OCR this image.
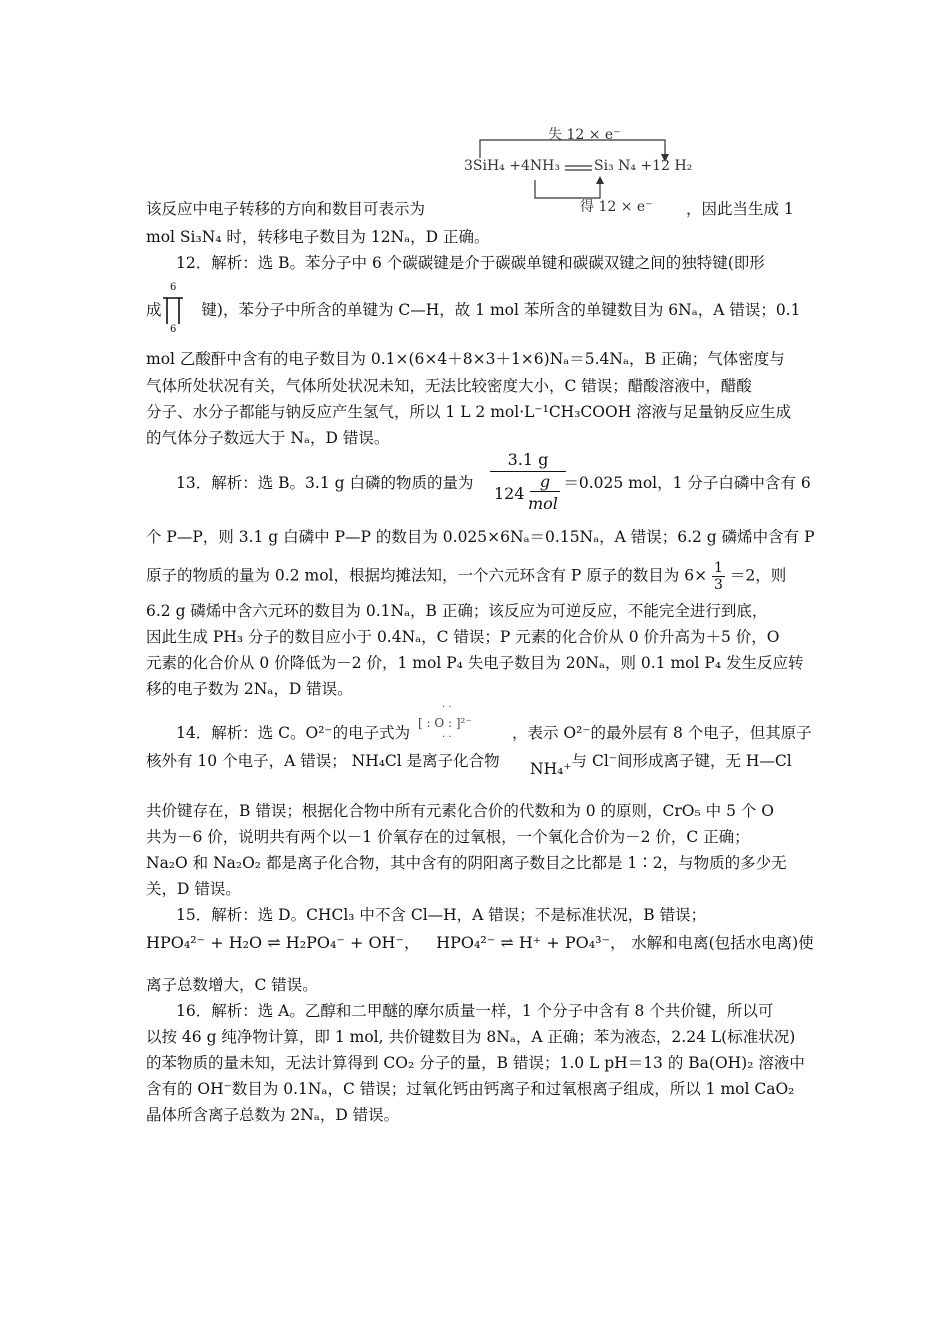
失 12 × e⁻
3SiH₄ +4NH₃ Si₃ N₄ +12 H₂
得 12 × e⁻
该反应中电子转移的方向和数目可表示为	，因此当生成 1
mol Si₃N₄ 时，转移电子数目为 12Nₐ，D 正确。
12．解析：选 B。苯分子中 6 个碳碳键是介于碳碳单键和碳碳双键之间的独特键(即形
成	键)，苯分子中所含的单键为 C—H，故 1 mol 苯所含的单键数目为 6Nₐ，A 错误；0.1
6
6
mol 乙酸酐中含有的电子数目为 0.1×(6×4＋8×3＋1×6)Nₐ＝5.4Nₐ，B 正确；气体密度与
气体所处状况有关，气体所处状况未知，无法比较密度大小，C 错误；醋酸溶液中，醋酸
分子、水分子都能与钠反应产生氢气，所以 1 L 2 mol·L⁻¹CH₃COOH 溶液与足量钠反应生成
的气体分子数远大于 Nₐ，D 错误。
13．解析：选 B。3.1 g 白磷的物质的量为	＝0.025 mol，1 分子白磷中含有 6
3.1 g
124
g
mol
个 P—P，则 3.1 g 白磷中 P—P 的数目为 0.025×6Nₐ＝0.15Nₐ，A 错误；6.2 g 磷烯中含有 P
原子的物质的量为 0.2 mol，根据均摊法知，一个六元环含有 P 原子的数目为 $6\times \frac{1}{3} =2$，则
6.2 g 磷烯中含六元环的数目为 0.1Nₐ，B 正确；该反应为可逆反应，不能完全进行到底，
因此生成 PH₃ 分子的数目应小于 0.4Nₐ，C 错误；P 元素的化合价从 0 价升高为＋5 价，O
元素的化合价从 0 价降低为－2 价，1 mol P₄ 失电子数目为 20Nₐ，则 0.1 mol P₄ 发生反应转
移的电子数为 2Nₐ，D 错误。
14．解析：选 C。O²⁻的电子式为	，表示 O²⁻的最外层有 8 个电子，但其原子
· ·
[ : O : ]²⁻
· ·
核外有 10 个电子，A 错误； NH₄Cl 是离子化合物	与 Cl⁻间形成离子键，无 H—Cl
NH₄⁺
共价键存在，B 错误；根据化合物中所有元素化合价的代数和为 0 的原则，CrO₅ 中 5 个 O
共为－6 价，说明共有两个以－1 价氧存在的过氧根，一个氧化合价为－2 价，C 正确；
Na₂O 和 Na₂O₂ 都是离子化合物，其中含有的阴阳离子数目之比都是 1∶2，与物质的多少无
关，D 错误。
15．解析：选 D。CHCl₃ 中不含 Cl—H，A 错误；不是标准状况，B 错误；
HPO₄²⁻ + H₂O ⇌ H₂PO₄⁻ + OH⁻， HPO₄²⁻ ⇌ H⁺ + PO₄³⁻， 水解和电离(包括水电离)使
离子总数增大，C 错误。
16．解析：选 A。乙醇和二甲醚的摩尔质量一样，1 个分子中含有 8 个共价键，所以可
以按 46 g 纯净物计算，即 1 mol, 共价键数目为 8Nₐ，A 正确；苯为液态，2.24 L(标准状况)
的苯物质的量未知，无法计算得到 CO₂ 分子的量，B 错误；1.0 L pH＝13 的 Ba(OH)₂ 溶液中
含有的 OH⁻数目为 0.1Nₐ，C 错误；过氧化钙由钙离子和过氧根离子组成，所以 1 mol CaO₂
晶体所含离子总数为 2Nₐ，D 错误。
